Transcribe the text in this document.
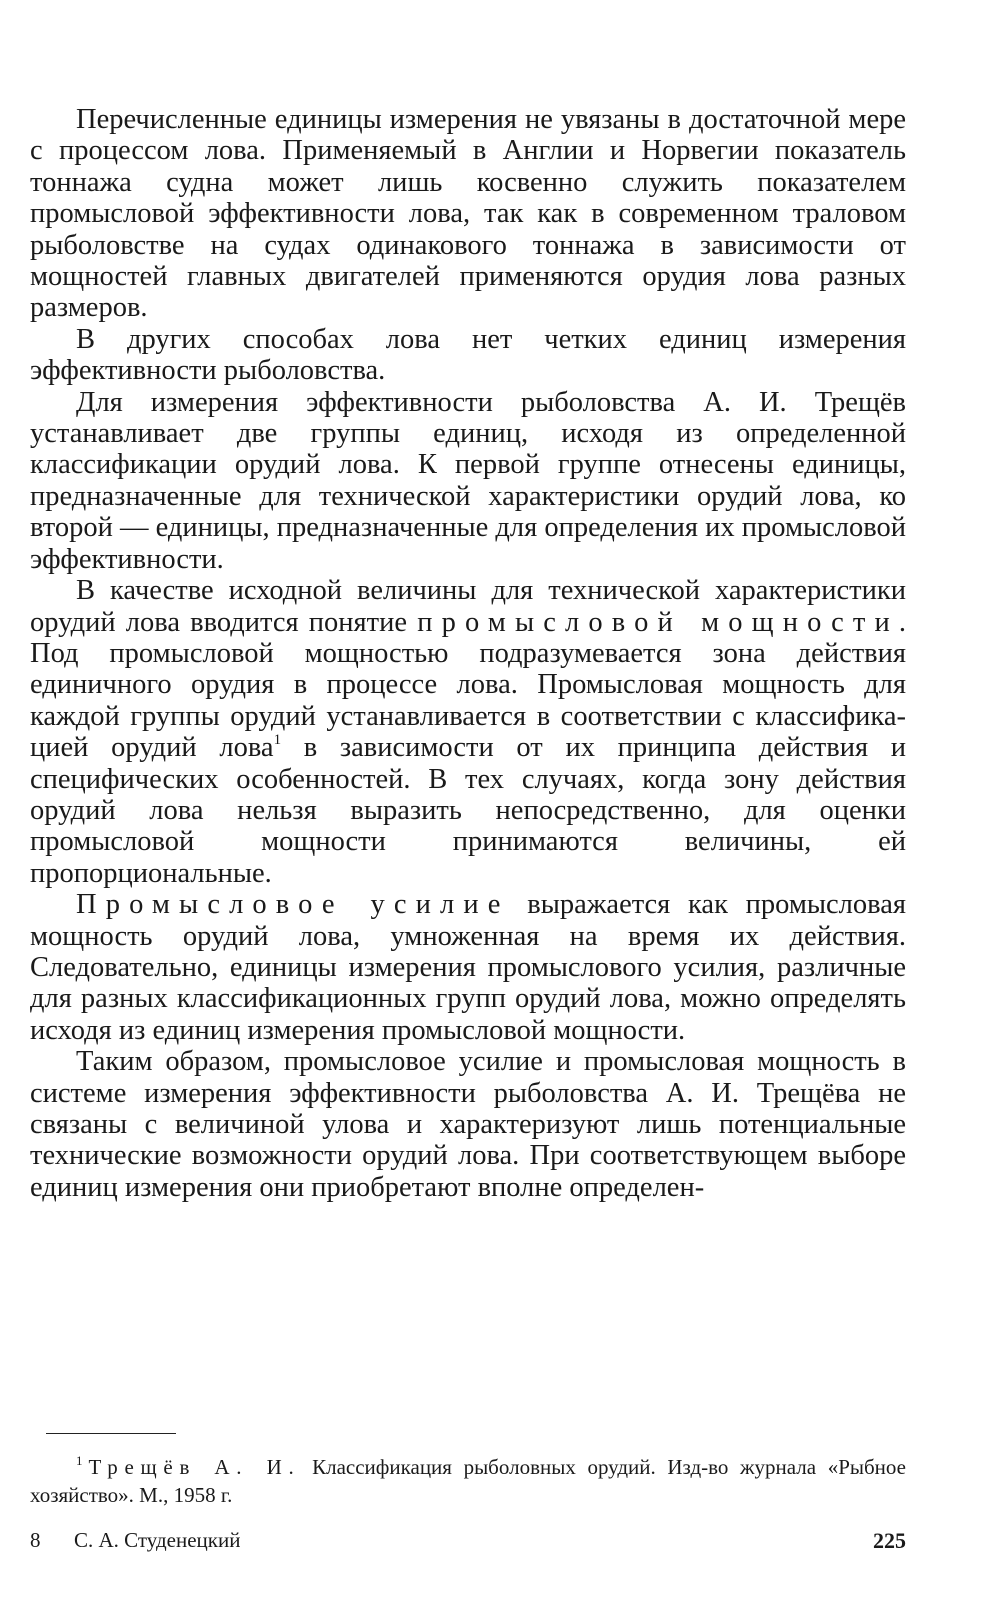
Перечисленные единицы измерения не увязаны в достаточной мере с процессом лова. Применяемый в Англии и Норвегии показатель тоннажа судна может лишь косвенно служить показателем промысловой эффективности лова, так как в современном траловом рыболовстве на судах одинакового тоннажа в зависимости от мощностей главных двигателей применяются орудия лова разных размеров.

В других способах лова нет четких единиц измерения эффективности рыболовства.

Для измерения эффективности рыболовства А. И. Трещёв устанавливает две группы единиц, исходя из определенной классификации орудий лова. К первой группе отнесены единицы, предназначенные для технической характеристики орудий лова, ко второй — единицы, предназначенные для определения их промысловой эффективности.

В качестве исходной величины для технической характеристики орудий лова вводится понятие промысловой мощности. Под промысловой мощностью подразумевается зона действия единичного орудия в процессе лова. Промысловая мощность для каждой группы орудий устанавливается в соответствии с классификацией орудий лова$^1$ в зависимости от их принципа действия и специфических особенностей. В тех случаях, когда зону действия орудий лова нельзя выразить непосредственно, для оценки промысловой мощности принимаются величины, ей пропорциональные.

Промысловое усилие выражается как промысловая мощность орудий лова, умноженная на время их действия. Следовательно, единицы измерения промыслового усилия, различные для разных классификационных групп орудий лова, можно определять исходя из единиц измерения промысловой мощности.

Таким образом, промысловое усилие и промысловая мощность в системе измерения эффективности рыболовства А. И. Трещёва не связаны с величиной улова и характеризуют лишь потенциальные технические возможности орудий лова. При соответствующем выборе единиц измерения они приобретают вполне определен-

$^1$ Трещёв А. И. Классификация рыболовных орудий. Изд-во журнала «Рыбное хозяйство». М., 1958 г.

8 С. А. Студенецкий	225
